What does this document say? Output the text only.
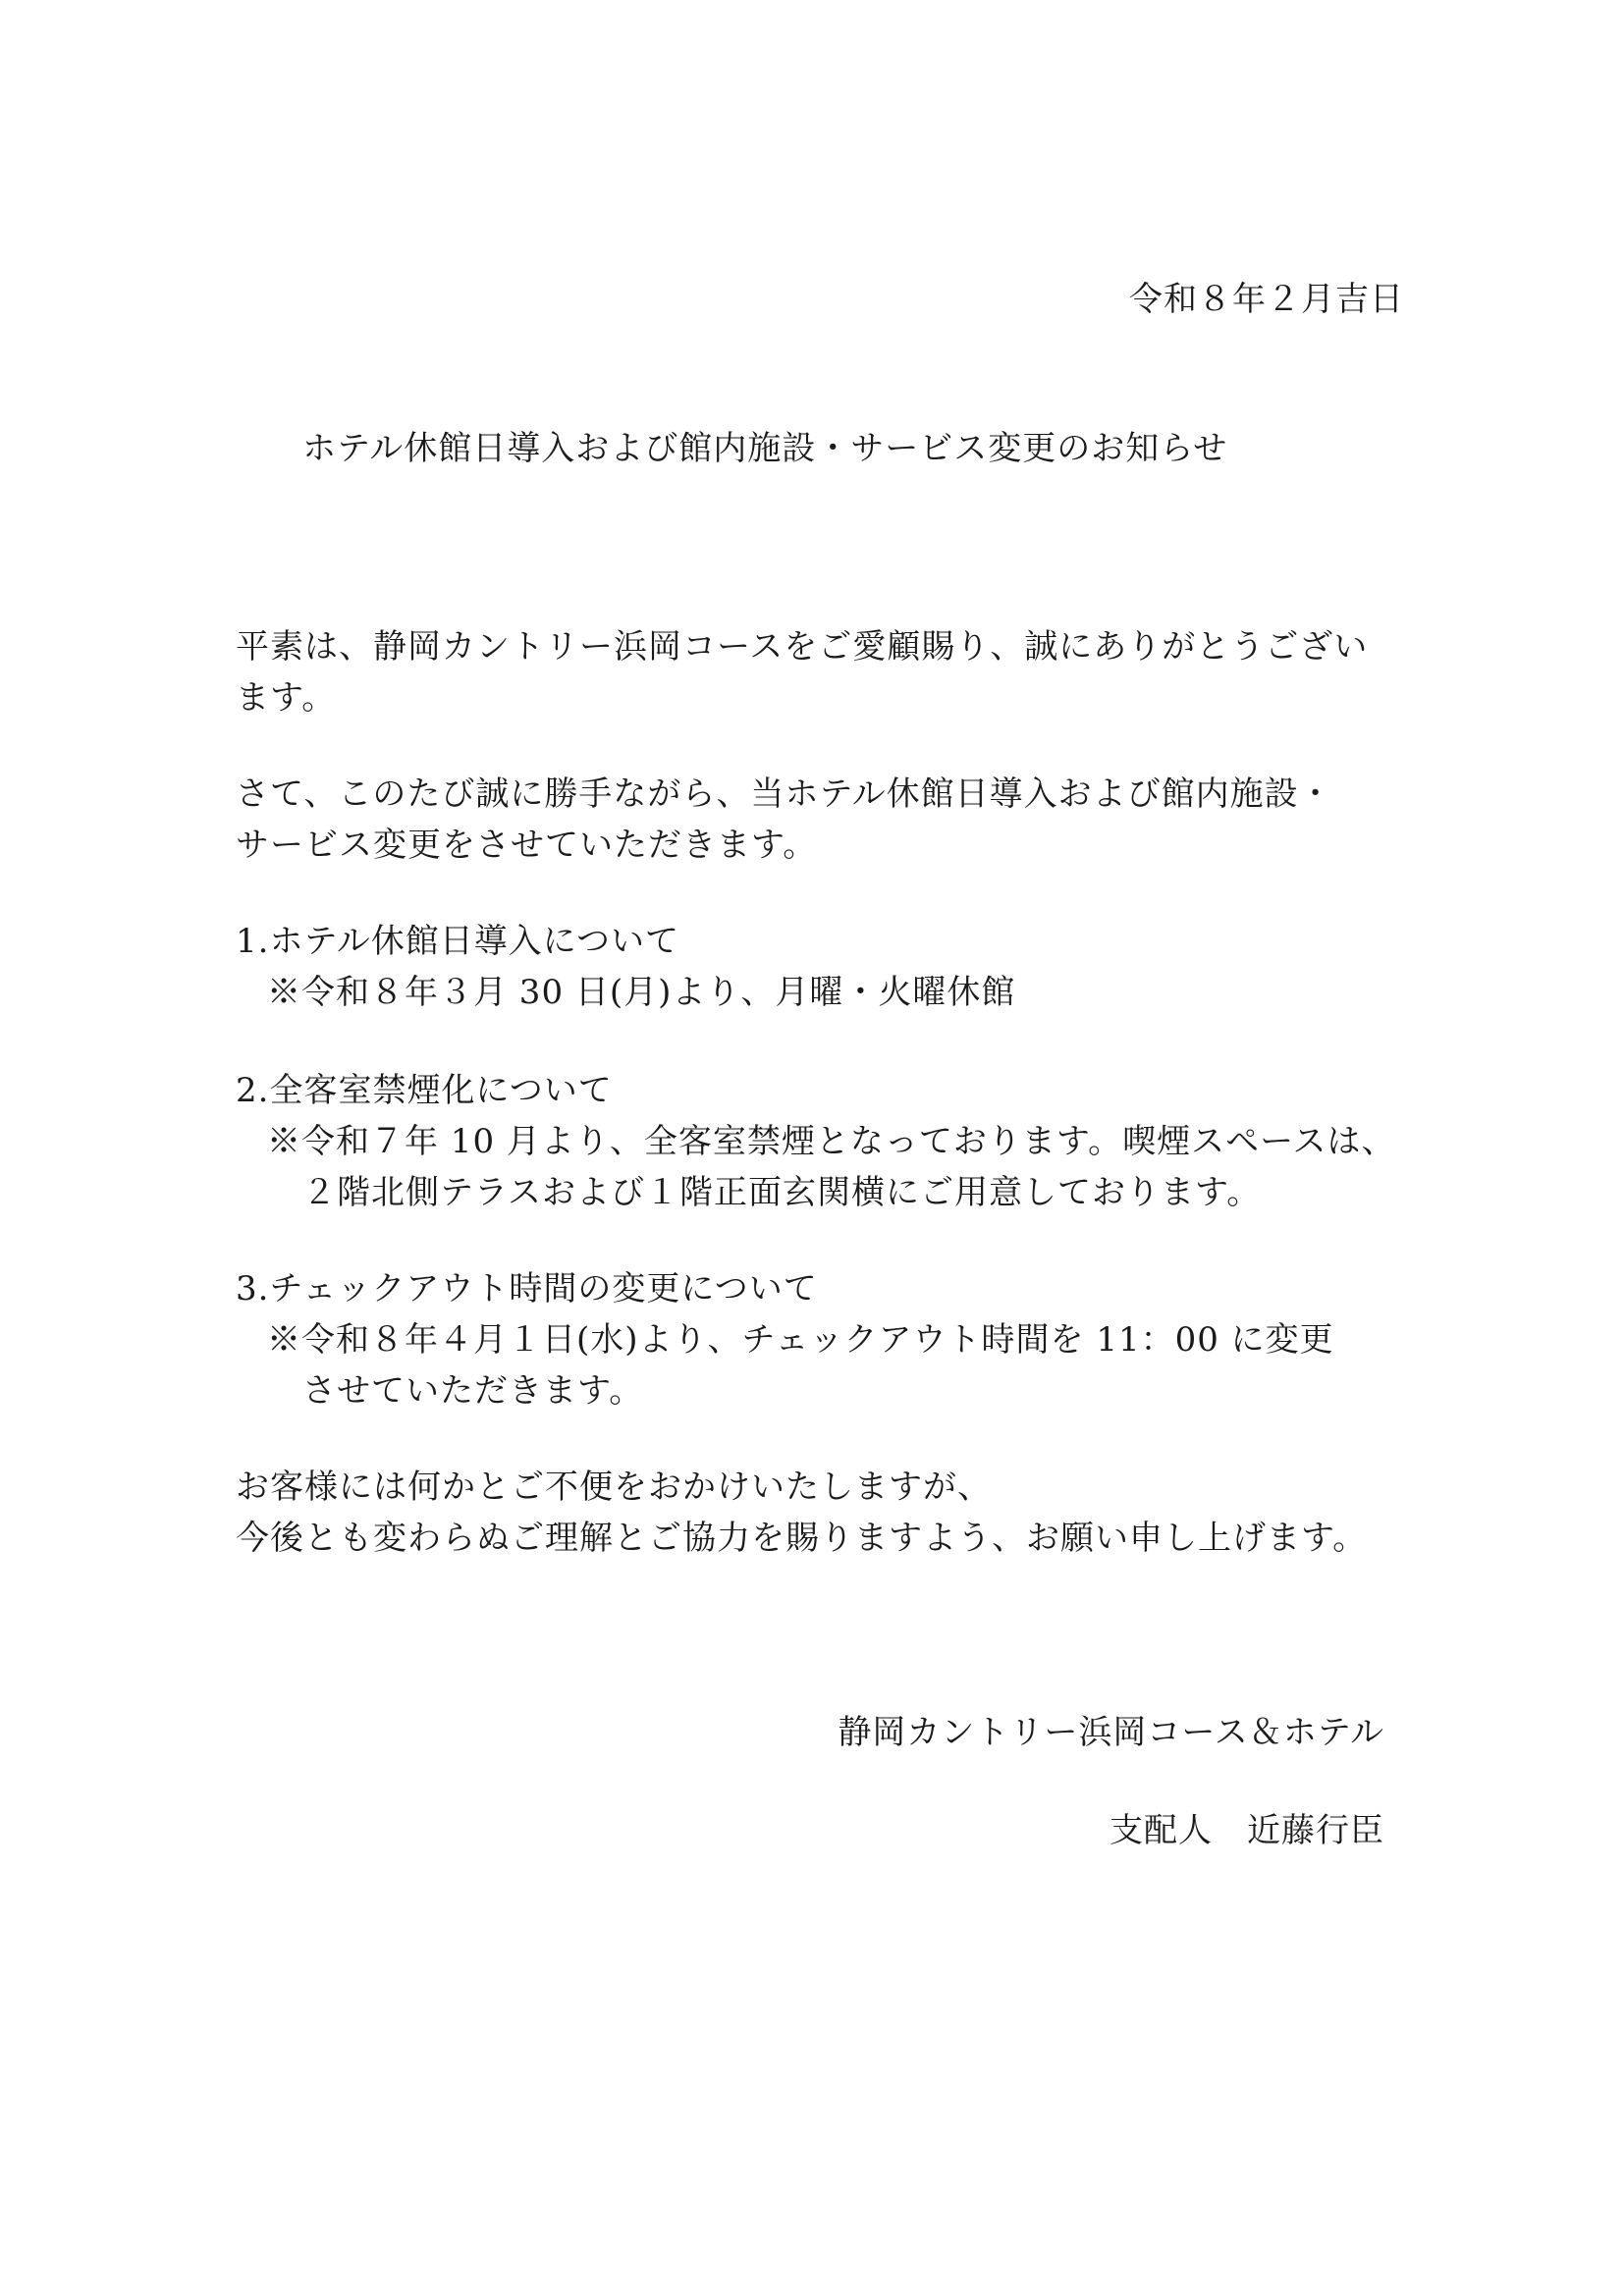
令和８年２月吉日
ホテル休館日導入および館内施設・サービス変更のお知らせ
平素は、静岡カントリー浜岡コースをご愛顧賜り、誠にありがとうござい
ます。
さて、このたび誠に勝手ながら、当ホテル休館日導入および館内施設・
サービス変更をさせていただきます。
1.ホテル休館日導入について
※令和８年３月 30 日(月)より、月曜・火曜休館
2.全客室禁煙化について
※令和７年 10 月より、全客室禁煙となっております。喫煙スペースは、
２階北側テラスおよび１階正面玄関横にご用意しております。
3.チェックアウト時間の変更について
※令和８年４月１日(水)より、チェックアウト時間を 11：00 に変更
させていただきます。
お客様には何かとご不便をおかけいたしますが、
今後とも変わらぬご理解とご協力を賜りますよう、お願い申し上げます。
静岡カントリー浜岡コース＆ホテル
支配人　近藤行臣
